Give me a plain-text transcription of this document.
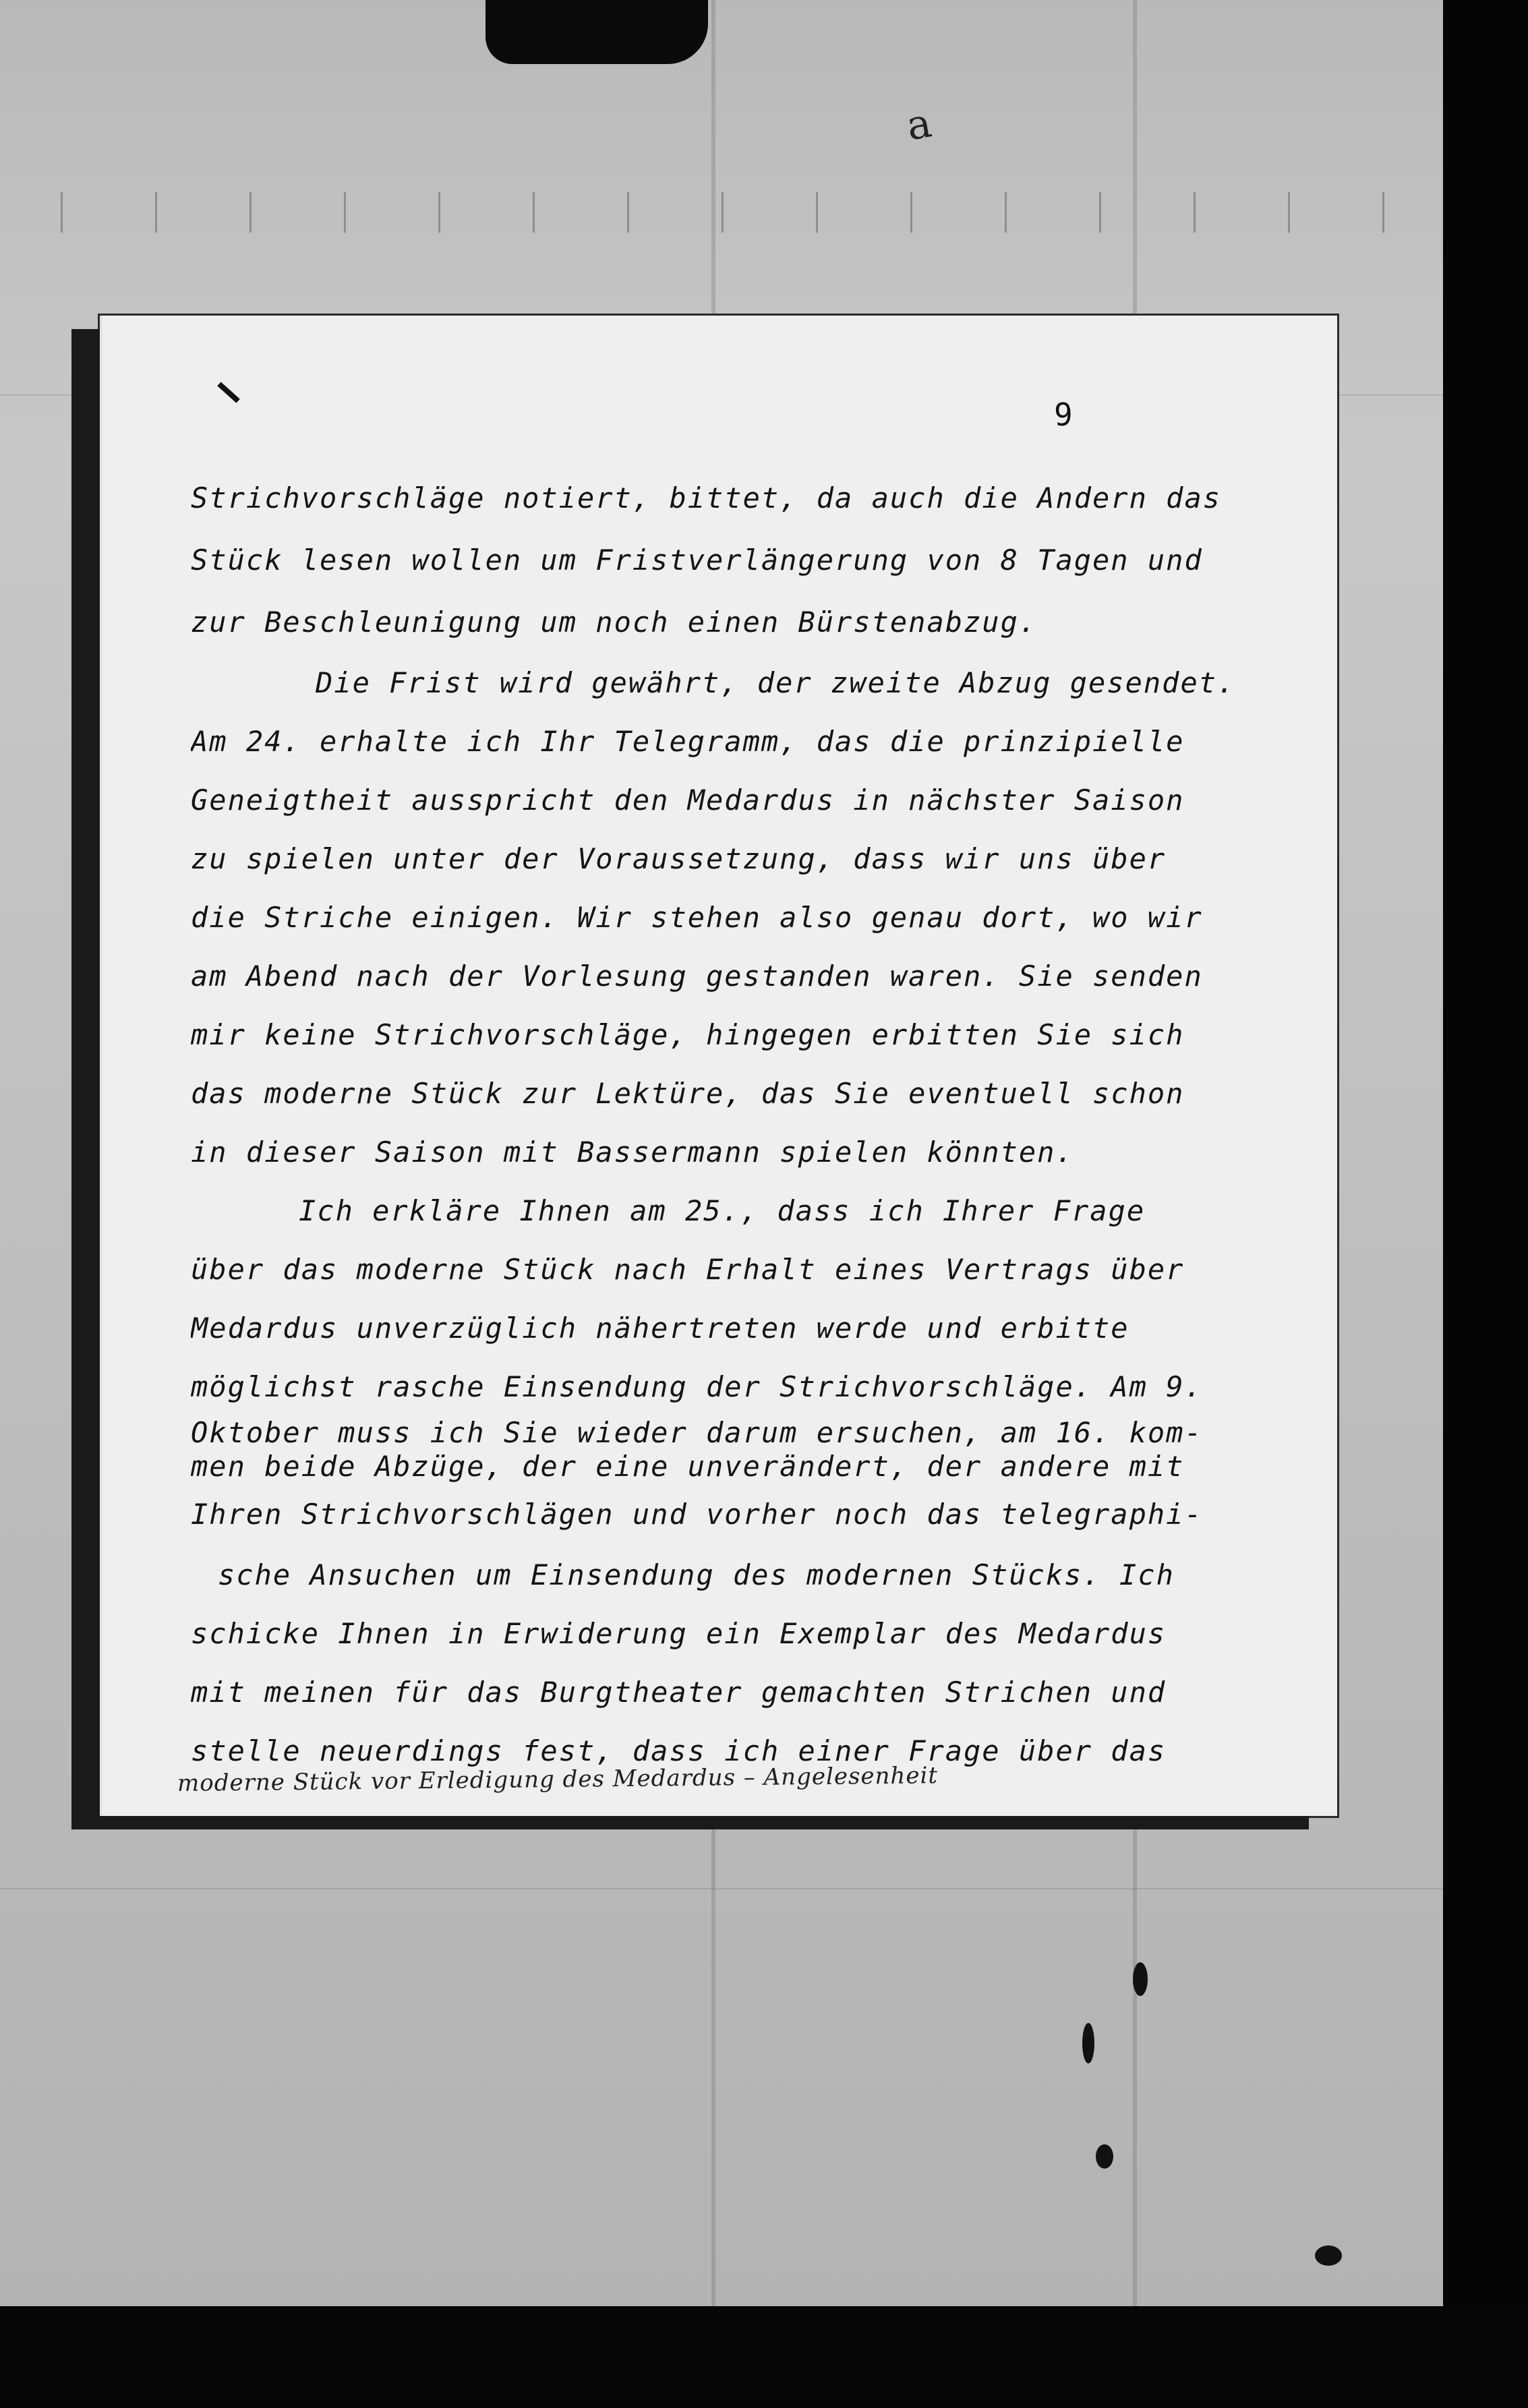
a
9
Strichvorschläge notiert, bittet, da auch die Andern das
Stück lesen wollen um Fristverlängerung von 8 Tagen und
zur Beschleunigung um noch einen Bürstenabzug.
Die Frist wird gewährt, der zweite Abzug gesendet.
Am 24. erhalte ich Ihr Telegramm, das die prinzipielle
Geneigtheit ausspricht den Medardus in nächster Saison
zu spielen unter der Voraussetzung, dass wir uns über
die Striche einigen. Wir stehen also genau dort, wo wir
am Abend nach der Vorlesung gestanden waren. Sie senden
mir keine Strichvorschläge, hingegen erbitten Sie sich
das moderne Stück zur Lektüre, das Sie eventuell schon
in dieser Saison mit Bassermann spielen könnten.
Ich erkläre Ihnen am 25., dass ich Ihrer Frage
über das moderne Stück nach Erhalt eines Vertrags über
Medardus unverzüglich nähertreten werde und erbitte
möglichst rasche Einsendung der Strichvorschläge. Am 9.
Oktober muss ich Sie wieder darum ersuchen, am 16. kom-
men beide Abzüge, der eine unverändert, der andere mit
Ihren Strichvorschlägen und vorher noch das telegraphi-
sche Ansuchen um Einsendung des modernen Stücks. Ich
schicke Ihnen in Erwiderung ein Exemplar des Medardus
mit meinen für das Burgtheater gemachten Strichen und
stelle neuerdings fest, dass ich einer Frage über das
moderne Stück vor Erledigung des Medardus – Angelesenheit
